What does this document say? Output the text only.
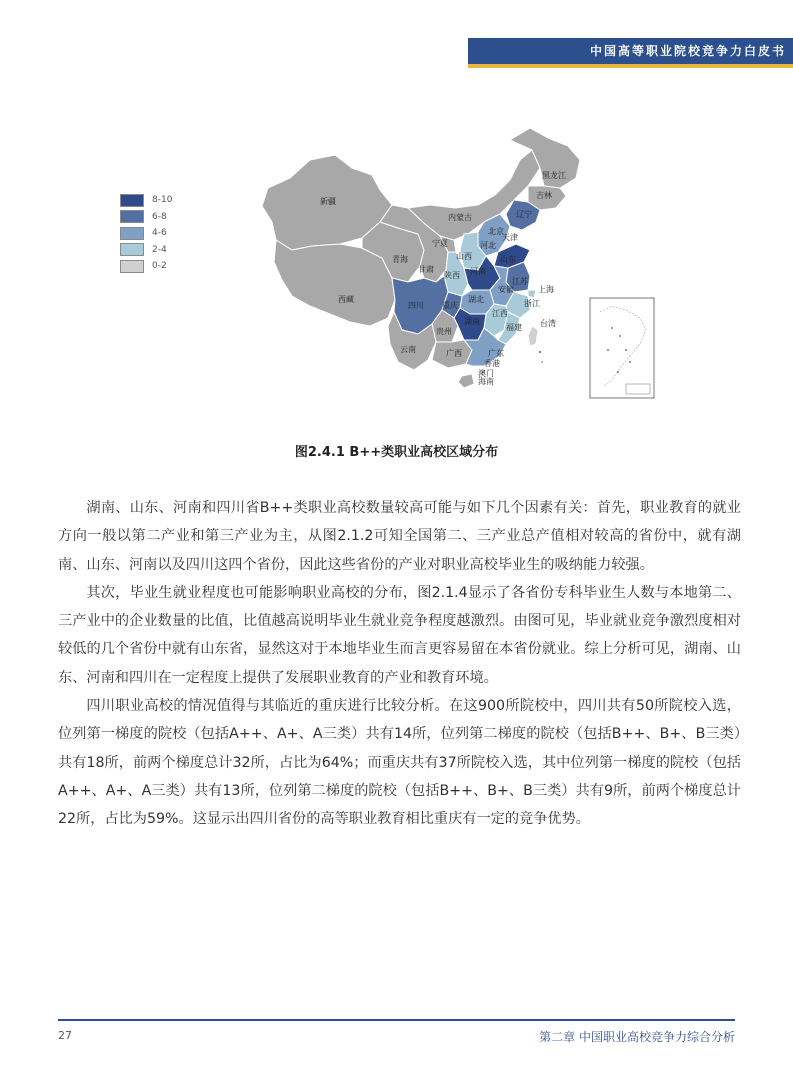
中国高等职业院校竞争力白皮书
8-10
6-8
4-6
2-4
0-2
黑龙江
吉林
辽宁
新疆
内蒙古
北京
天津
河北
宁夏
山西	山东
青海
甘肃
陕西 河南
江苏
上海
安徽
西藏
四川 重庆
湖北	浙江
江西
湖南
贵州	福建 台湾
云南	广西	广东
香港
澳门
海南
图2.4.1 B++类职业高校区域分布

湖南、山东、河南和四川省B++类职业高校数量较高可能与如下几个因素有关：首先，职业教育的就业方向一般以第二产业和第三产业为主，从图2.1.2可知全国第二、三产业总产值相对较高的省份中，就有湖南、山东、河南以及四川这四个省份，因此这些省份的产业对职业高校毕业生的吸纳能力较强。

其次，毕业生就业程度也可能影响职业高校的分布，图2.1.4显示了各省份专科毕业生人数与本地第二、三产业中的企业数量的比值，比值越高说明毕业生就业竞争程度越激烈。由图可见，毕业就业竞争激烈度相对较低的几个省份中就有山东省，显然这对于本地毕业生而言更容易留在本省份就业。综上分析可见，湖南、山东、河南和四川在一定程度上提供了发展职业教育的产业和教育环境。

四川职业高校的情况值得与其临近的重庆进行比较分析。在这900所院校中，四川共有50所院校入选，位列第一梯度的院校（包括A++、A+、A三类）共有14所，位列第二梯度的院校（包括B++、B+、B三类）共有18所，前两个梯度总计32所，占比为64%；而重庆共有37所院校入选，其中位列第一梯度的院校（包括A++、A+、A三类）共有13所，位列第二梯度的院校（包括B++、B+、B三类）共有9所，前两个梯度总计22所，占比为59%。这显示出四川省份的高等职业教育相比重庆有一定的竞争优势。

27	第二章 中国职业高校竞争力综合分析
